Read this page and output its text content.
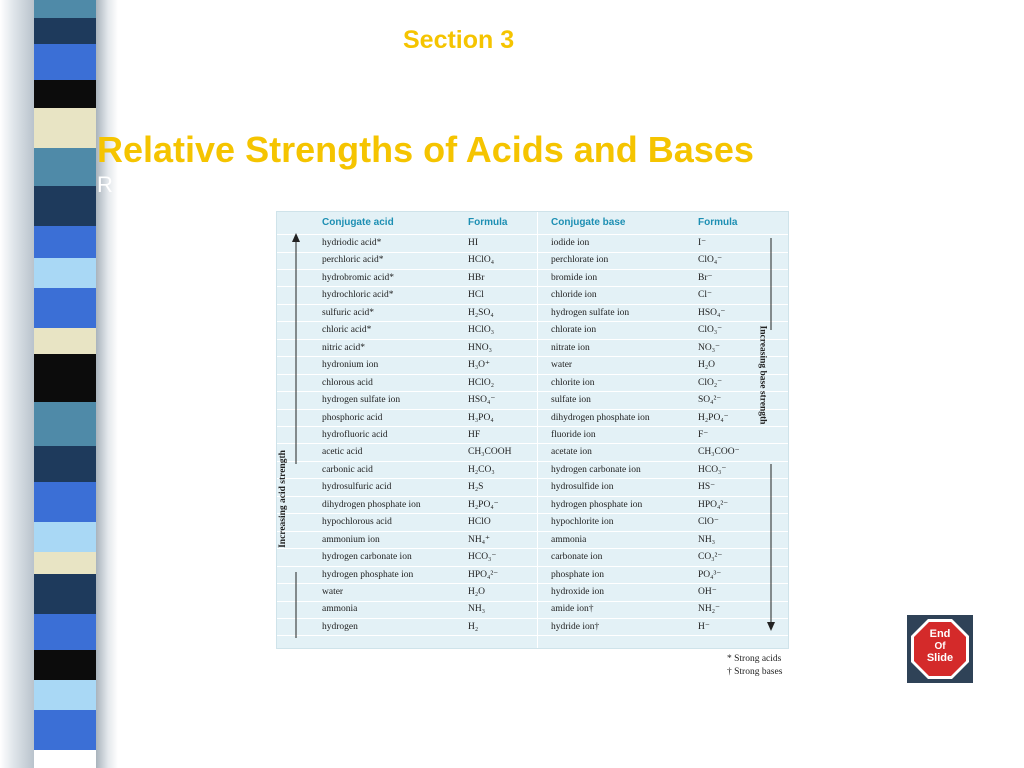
Section 3
Relative Strengths of Acids and Bases
R
Conjugate acid	Formula	Conjugate base	Formula
hydriodic acid*	HI	iodide ion	I⁻
perchloric acid*	HClO₄	perchlorate ion	ClO₄⁻
hydrobromic acid*	HBr	bromide ion	Br⁻
hydrochloric acid*	HCl	chloride ion	Cl⁻
sulfuric acid*	H₂SO₄	hydrogen sulfate ion	HSO₄⁻
chloric acid*	HClO₃	chlorate ion	ClO₃⁻
nitric acid*	HNO₃	nitrate ion	NO₃⁻
hydronium ion	H₃O⁺	water	H₂O
chlorous acid	HClO₂	chlorite ion	ClO₂⁻
hydrogen sulfate ion	HSO₄⁻	sulfate ion	SO₄²⁻
phosphoric acid	H₃PO₄	dihydrogen phosphate ion	H₂PO₄⁻
hydrofluoric acid	HF	fluoride ion	F⁻
acetic acid	CH₃COOH	acetate ion	CH₃COO⁻
carbonic acid	H₂CO₃	hydrogen carbonate ion	HCO₃⁻
hydrosulfuric acid	H₂S	hydrosulfide ion	HS⁻
dihydrogen phosphate ion	H₂PO₄⁻	hydrogen phosphate ion	HPO₄²⁻
hypochlorous acid	HClO	hypochlorite ion	ClO⁻
ammonium ion	NH₄⁺	ammonia	NH₃
hydrogen carbonate ion	HCO₃⁻	carbonate ion	CO₃²⁻
hydrogen phosphate ion	HPO₄²⁻	phosphate ion	PO₄³⁻
water	H₂O	hydroxide ion	OH⁻
ammonia	NH₃	amide ion†	NH₂⁻
hydrogen	H₂	hydride ion†	H⁻
Increasing acid strength
Increasing base strength
* Strong acids
† Strong bases
End
Of
Slide
